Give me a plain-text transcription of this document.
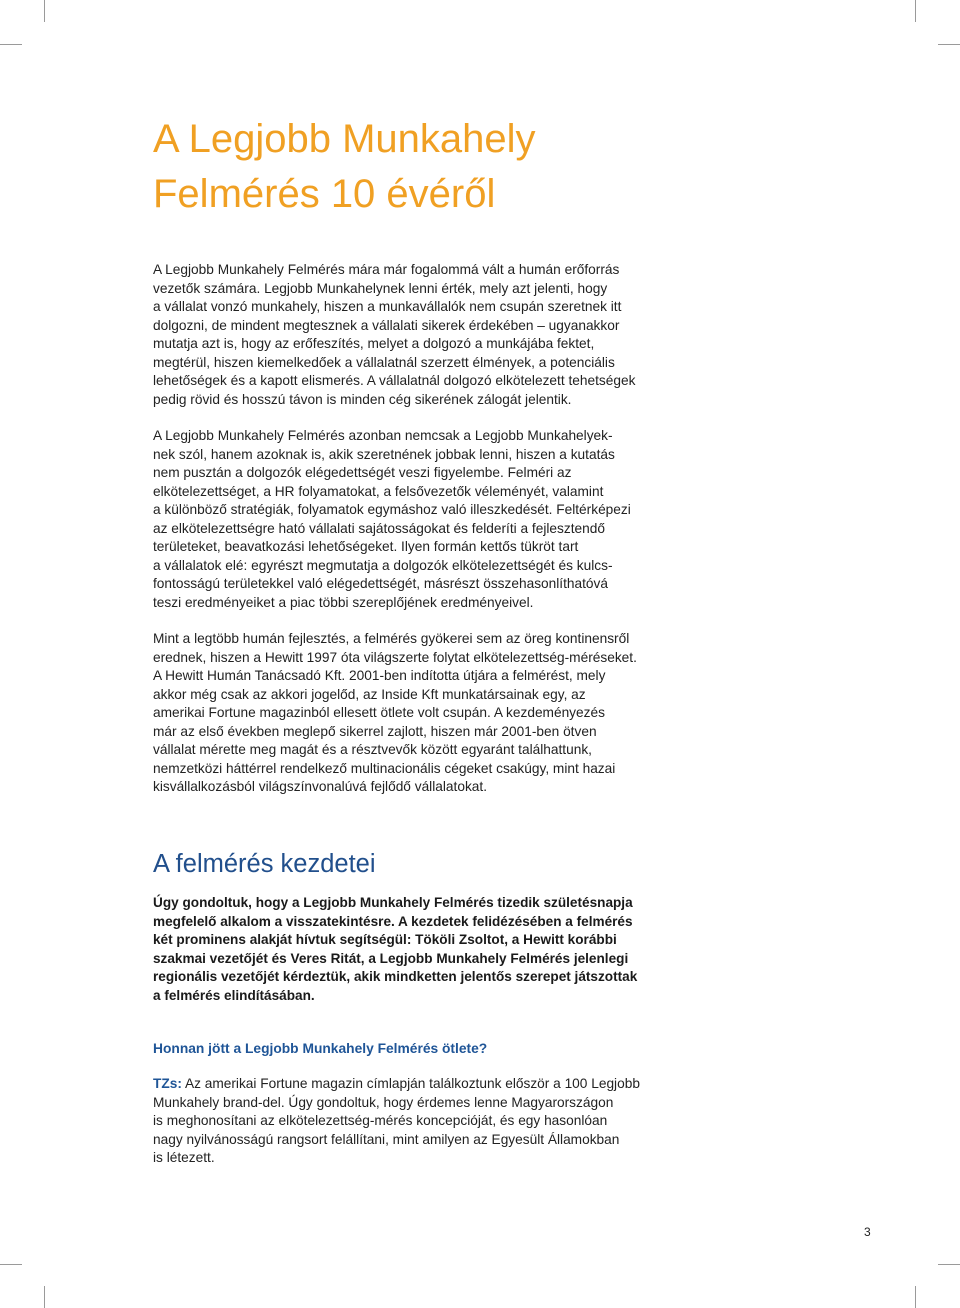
A Legjobb Munkahely
Felmérés 10 évéről

A Legjobb Munkahely Felmérés mára már fogalommá vált a humán erőforrás
vezetők számára. Legjobb Munkahelynek lenni érték, mely azt jelenti, hogy
a vállalat vonzó munkahely, hiszen a munkavállalók nem csupán szeretnek itt
dolgozni, de mindent megtesznek a vállalati sikerek érdekében – ugyanakkor
mutatja azt is, hogy az erőfeszítés, melyet a dolgozó a munkájába fektet,
megtérül, hiszen kiemelkedőek a vállalatnál szerzett élmények, a potenciális
lehetőségek és a kapott elismerés. A vállalatnál dolgozó elkötelezett tehetségek
pedig rövid és hosszú távon is minden cég sikerének zálogát jelentik.

A Legjobb Munkahely Felmérés azonban nemcsak a Legjobb Munkahelyek-
nek szól, hanem azoknak is, akik szeretnének jobbak lenni, hiszen a kutatás
nem pusztán a dolgozók elégedettségét veszi figyelembe. Felméri az
elkötelezettséget, a HR folyamatokat, a felsővezetők véleményét, valamint
a különböző stratégiák, folyamatok egymáshoz való illeszkedését. Feltérképezi
az elkötelezettségre ható vállalati sajátosságokat és felderíti a fejlesztendő
területeket, beavatkozási lehetőségeket. Ilyen formán kettős tükröt tart
a vállalatok elé: egyrészt megmutatja a dolgozók elkötelezettségét és kulcs-
fontosságú területekkel való elégedettségét, másrészt összehasonlíthatóvá
teszi eredményeiket a piac többi szereplőjének eredményeivel.

Mint a legtöbb humán fejlesztés, a felmérés gyökerei sem az öreg kontinensről
erednek, hiszen a Hewitt 1997 óta világszerte folytat elkötelezettség-méréseket.
A Hewitt Humán Tanácsadó Kft. 2001-ben indította útjára a felmérést, mely
akkor még csak az akkori jogelőd, az Inside Kft munkatársainak egy, az
amerikai Fortune magazinból ellesett ötlete volt csupán. A kezdeményezés
már az első években meglepő sikerrel zajlott, hiszen már 2001-ben ötven
vállalat mérette meg magát és a résztvevők között egyaránt találhattunk,
nemzetközi háttérrel rendelkező multinacionális cégeket csakúgy, mint hazai
kisvállalkozásból világszínvonalúvá fejlődő vállalatokat.

A felmérés kezdetei

Úgy gondoltuk, hogy a Legjobb Munkahely Felmérés tizedik születésnapja
megfelelő alkalom a visszatekintésre. A kezdetek felidézésében a felmérés
két prominens alakját hívtuk segítségül: Tököli Zsoltot, a Hewitt korábbi
szakmai vezetőjét és Veres Ritát, a Legjobb Munkahely Felmérés jelenlegi
regionális vezetőjét kérdeztük, akik mindketten jelentős szerepet játszottak
a felmérés elindításában.

Honnan jött a Legjobb Munkahely Felmérés ötlete?

TZs: Az amerikai Fortune magazin címlapján találkoztunk először a 100 Legjobb
Munkahely brand-del. Úgy gondoltuk, hogy érdemes lenne Magyarországon
is meghonosítani az elkötelezettség-mérés koncepcióját, és egy hasonlóan
nagy nyilvánosságú rangsort felállítani, mint amilyen az Egyesült Államokban
is létezett.

3
